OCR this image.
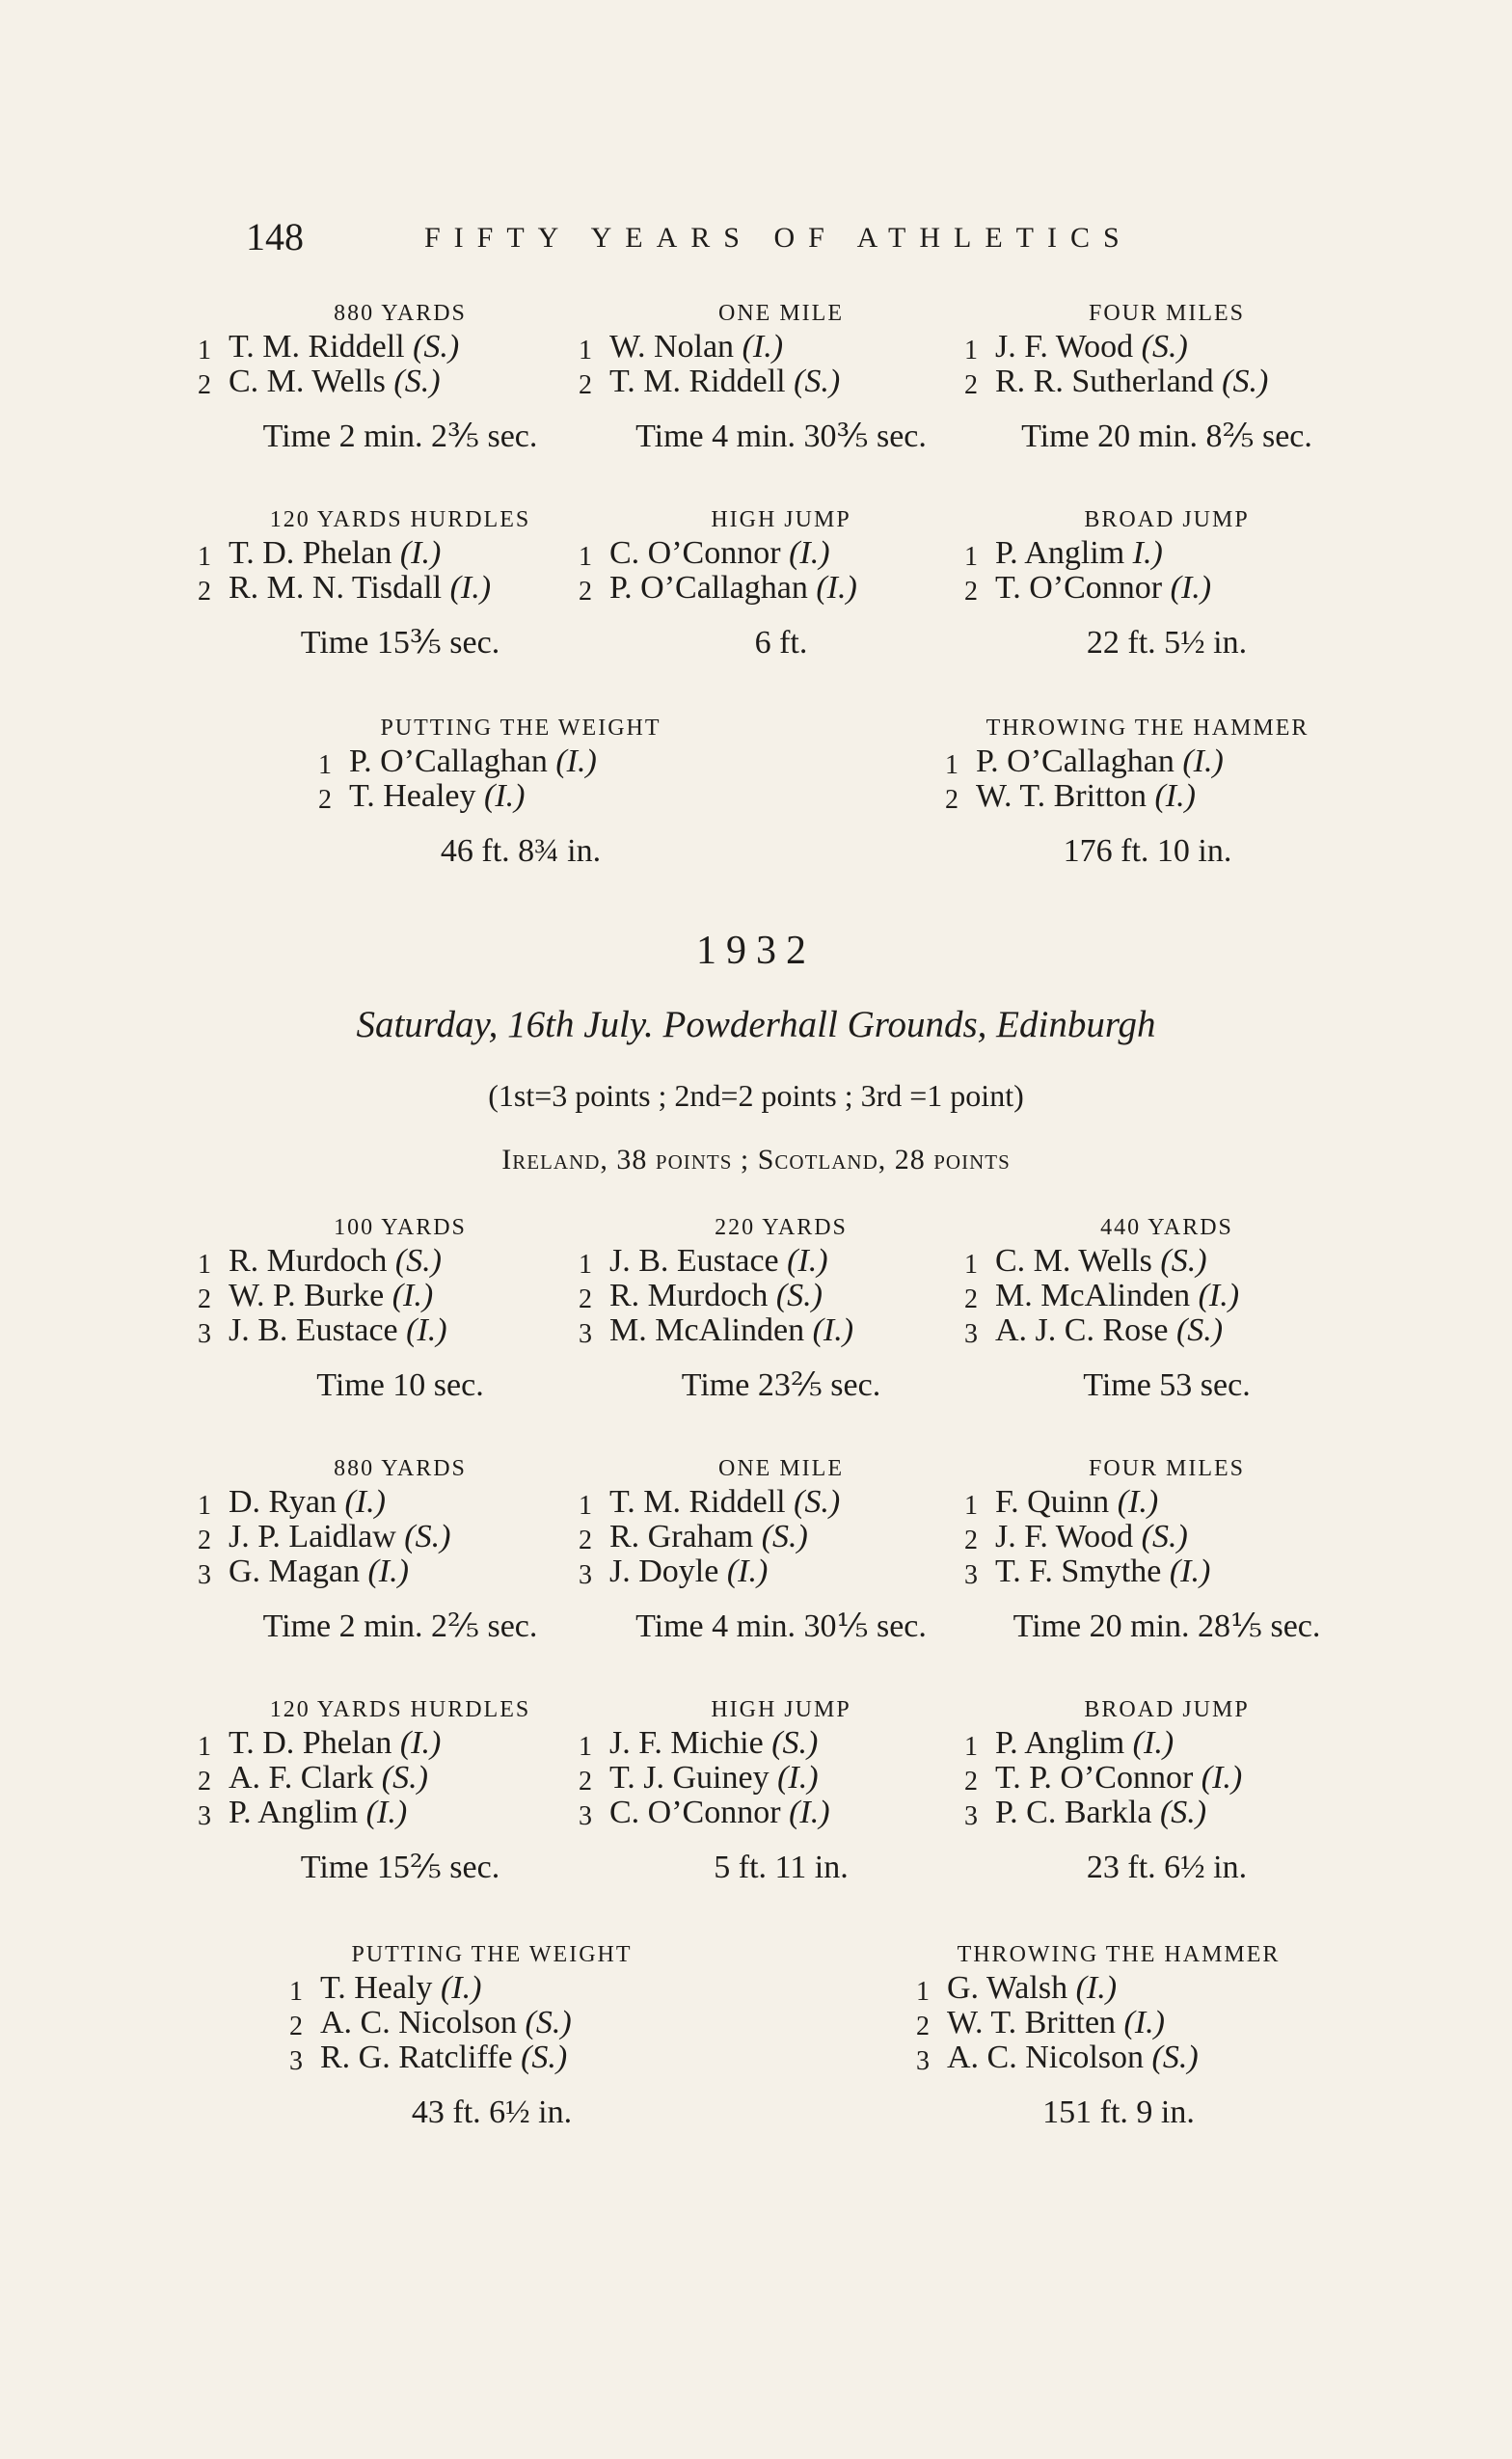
148	FIFTY YEARS OF ATHLETICS
880 YARDS
1 T. M. Riddell (S.)
2 C. M. Wells (S.)
Time 2 min. 2⅗ sec.
ONE MILE
1 W. Nolan (I.)
2 T. M. Riddell (S.)
Time 4 min. 30⅗ sec.
FOUR MILES
1 J. F. Wood (S.)
2 R. R. Sutherland (S.)
Time 20 min. 8⅖ sec.
120 YARDS HURDLES
1 T. D. Phelan (I.)
2 R. M. N. Tisdall (I.)
Time 15⅗ sec.
HIGH JUMP
1 C. O’Connor (I.)
2 P. O’Callaghan (I.)
6 ft.
BROAD JUMP
1 P. Anglim I.)
2 T. O’Connor (I.)
22 ft. 5½ in.
PUTTING THE WEIGHT
1 P. O’Callaghan (I.)
2 T. Healey (I.)
46 ft. 8¾ in.
THROWING THE HAMMER
1 P. O’Callaghan (I.)
2 W. T. Britton (I.)
176 ft. 10 in.
1932
Saturday, 16th July. Powderhall Grounds, Edinburgh
(1st=3 points ; 2nd=2 points ; 3rd =1 point)
Ireland, 38 points ; Scotland, 28 points
100 YARDS
1 R. Murdoch (S.)
2 W. P. Burke (I.)
3 J. B. Eustace (I.)
Time 10 sec.
220 YARDS
1 J. B. Eustace (I.)
2 R. Murdoch (S.)
3 M. McAlinden (I.)
Time 23⅖ sec.
440 YARDS
1 C. M. Wells (S.)
2 M. McAlinden (I.)
3 A. J. C. Rose (S.)
Time 53 sec.
880 YARDS
1 D. Ryan (I.)
2 J. P. Laidlaw (S.)
3 G. Magan (I.)
Time 2 min. 2⅖ sec.
ONE MILE
1 T. M. Riddell (S.)
2 R. Graham (S.)
3 J. Doyle (I.)
Time 4 min. 30⅕ sec.
FOUR MILES
1 F. Quinn (I.)
2 J. F. Wood (S.)
3 T. F. Smythe (I.)
Time 20 min. 28⅕ sec.
120 YARDS HURDLES
1 T. D. Phelan (I.)
2 A. F. Clark (S.)
3 P. Anglim (I.)
Time 15⅖ sec.
HIGH JUMP
1 J. F. Michie (S.)
2 T. J. Guiney (I.)
3 C. O’Connor (I.)
5 ft. 11 in.
BROAD JUMP
1 P. Anglim (I.)
2 T. P. O’Connor (I.)
3 P. C. Barkla (S.)
23 ft. 6½ in.
PUTTING THE WEIGHT
1 T. Healy (I.)
2 A. C. Nicolson (S.)
3 R. G. Ratcliffe (S.)
43 ft. 6½ in.
THROWING THE HAMMER
1 G. Walsh (I.)
2 W. T. Britten (I.)
3 A. C. Nicolson (S.)
151 ft. 9 in.
